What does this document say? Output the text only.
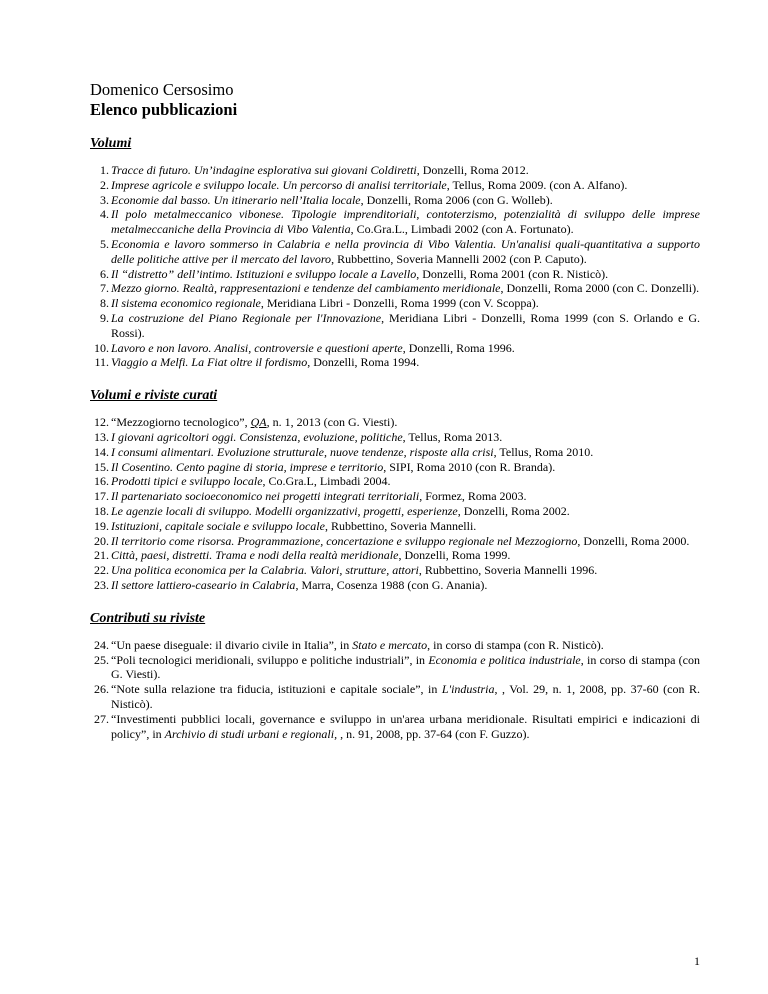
Domenico Cersosimo
Elenco pubblicazioni
Volumi
1 . Tracce di futuro. Un’indagine esplorativa sui giovani Coldiretti, Donzelli, Roma 2012.
2 . Imprese agricole e sviluppo locale. Un percorso di analisi territoriale, Tellus, Roma 2009. (con A. Alfano).
3 . Economie dal basso. Un itinerario nell’Italia locale, Donzelli, Roma 2006 (con G. Wolleb).
4 . Il polo metalmeccanico vibonese. Tipologie imprenditoriali, contoterzismo, potenzialità di sviluppo delle imprese metalmeccaniche della Provincia di Vibo Valentia, Co.Gra.L., Limbadi 2002 (con A. Fortunato).
5 . Economia e lavoro sommerso in Calabria e nella provincia di Vibo Valentia. Un'analisi quali-quantitativa a supporto delle politiche attive per il mercato del lavoro, Rubbettino, Soveria Mannelli 2002 (con P. Caputo).
6 . Il “distretto” dell’intimo. Istituzioni e sviluppo locale a Lavello, Donzelli, Roma 2001 (con R. Nisticò).
7 . Mezzo giorno. Realtà, rappresentazioni e tendenze del cambiamento meridionale, Donzelli, Roma 2000 (con C. Donzelli).
8 . Il sistema economico regionale, Meridiana Libri - Donzelli, Roma 1999 (con V. Scoppa).
9 . La costruzione del Piano Regionale per l'Innovazione, Meridiana Libri - Donzelli, Roma 1999 (con S. Orlando e G. Rossi).
10 . Lavoro e non lavoro. Analisi, controversie e questioni aperte, Donzelli, Roma 1996.
11 . Viaggio a Melfi. La Fiat oltre il fordismo, Donzelli, Roma 1994.
Volumi e riviste curati
12 . “Mezzogiorno tecnologico”, QA, n. 1, 2013 (con G. Viesti).
13 . I giovani agricoltori oggi. Consistenza, evoluzione, politiche, Tellus, Roma 2013.
14 . I consumi alimentari. Evoluzione strutturale, nuove tendenze, risposte alla crisi, Tellus, Roma 2010.
15 . Il Cosentino. Cento pagine di storia, imprese e territorio, SIPI, Roma 2010 (con R. Branda).
16 . Prodotti tipici e sviluppo locale, Co.Gra.L, Limbadi 2004.
17 . Il partenariato socioeconomico nei progetti integrati territoriali, Formez, Roma 2003.
18 . Le agenzie locali di sviluppo. Modelli organizzativi, progetti, esperienze, Donzelli, Roma 2002.
19 . Istituzioni, capitale sociale e sviluppo locale, Rubbettino, Soveria Mannelli.
20 . Il territorio come risorsa. Programmazione, concertazione e sviluppo regionale nel Mezzogiorno, Donzelli, Roma 2000.
21 . Città, paesi, distretti. Trama e nodi della realtà meridionale, Donzelli, Roma 1999.
22 . Una politica economica per la Calabria. Valori, strutture, attori, Rubbettino, Soveria Mannelli 1996.
23 . Il settore lattiero-caseario in Calabria, Marra, Cosenza 1988 (con G. Anania).
Contributi su riviste
24 . “Un paese diseguale: il divario civile in Italia”, in Stato e mercato, in corso di stampa (con R. Nisticò).
25 . “Poli tecnologici meridionali, sviluppo e politiche industriali”, in Economia e politica industriale, in corso di stampa (con G. Viesti).
26 . “Note sulla relazione tra fiducia, istituzioni e capitale sociale”, in L'industria, , Vol. 29, n. 1, 2008, pp. 37-60 (con R. Nisticò).
27 . “Investimenti pubblici locali, governance e sviluppo in un'area urbana meridionale. Risultati empirici e indicazioni di policy”, in Archivio di studi urbani e regionali, , n. 91, 2008, pp. 37-64 (con F. Guzzo).
1
